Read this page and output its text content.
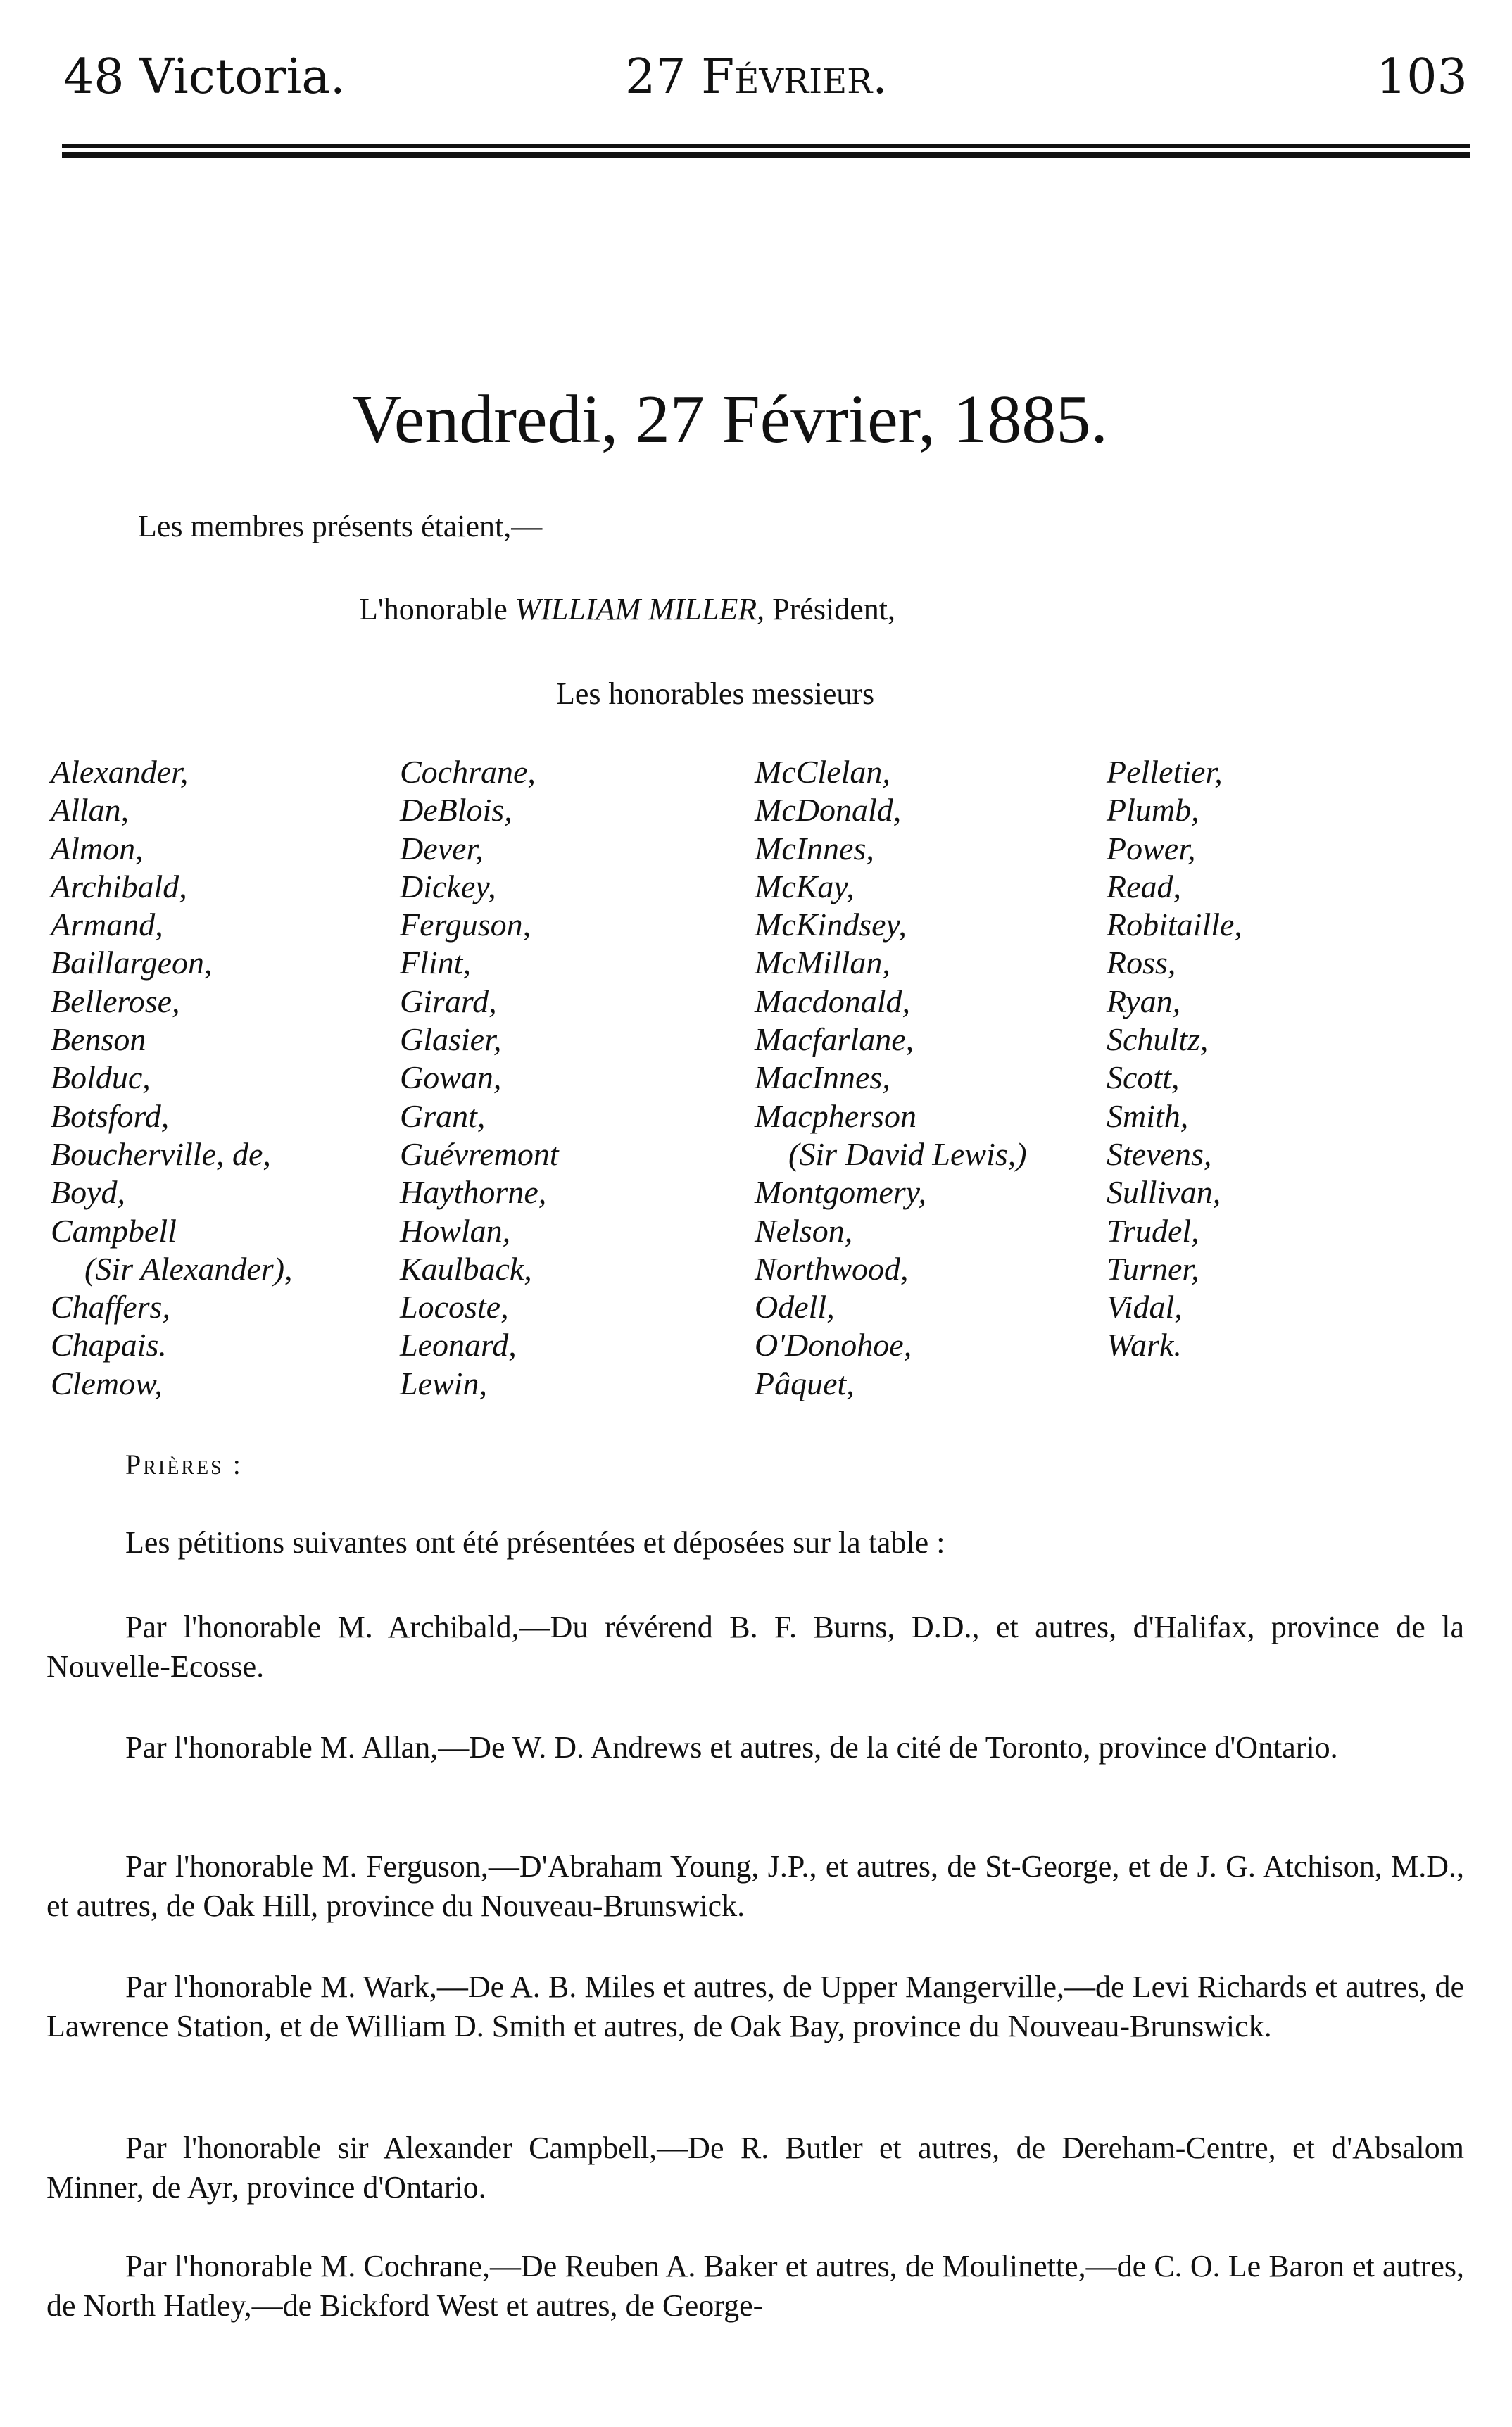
48 Victoria.	27 Février.	103
Vendredi, 27 Février, 1885.
Les membres présents étaient,—
L'honorable WILLIAM MILLER, Président,
Les honorables messieurs
Alexander,
Allan,
Almon,
Archibald,
Armand,
Baillargeon,
Bellerose,
Benson
Bolduc,
Botsford,
Boucherville, de,
Boyd,
Campbell
(Sir Alexander),
Chaffers,
Chapais.
Clemow,
Cochrane,
DeBlois,
Dever,
Dickey,
Ferguson,
Flint,
Girard,
Glasier,
Gowan,
Grant,
Guévremont
Haythorne,
Howlan,
Kaulback,
Locoste,
Leonard,
Lewin,
McClelan,
McDonald,
McInnes,
McKay,
McKindsey,
McMillan,
Macdonald,
Macfarlane,
MacInnes,
Macpherson
(Sir David Lewis,)
Montgomery,
Nelson,
Northwood,
Odell,
O'Donohoe,
Pâquet,
Pelletier,
Plumb,
Power,
Read,
Robitaille,
Ross,
Ryan,
Schultz,
Scott,
Smith,
Stevens,
Sullivan,
Trudel,
Turner,
Vidal,
Wark.
Prières :
Les pétitions suivantes ont été présentées et déposées sur la table :
Par l'honorable M. Archibald,—Du révérend B. F. Burns, D.D., et autres, d'Halifax, province de la Nouvelle-Ecosse.
Par l'honorable M. Allan,—De W. D. Andrews et autres, de la cité de Toronto, province d'Ontario.
Par l'honorable M. Ferguson,—D'Abraham Young, J.P., et autres, de St-George, et de J. G. Atchison, M.D., et autres, de Oak Hill, province du Nouveau-Brunswick.
Par l'honorable M. Wark,—De A. B. Miles et autres, de Upper Mangerville,—de Levi Richards et autres, de Lawrence Station, et de William D. Smith et autres, de Oak Bay, province du Nouveau-Brunswick.
Par l'honorable sir Alexander Campbell,—De R. Butler et autres, de Dereham-Centre, et d'Absalom Minner, de Ayr, province d'Ontario.
Par l'honorable M. Cochrane,—De Reuben A. Baker et autres, de Moulinette,—de C. O. Le Baron et autres, de North Hatley,—de Bickford West et autres, de George-
